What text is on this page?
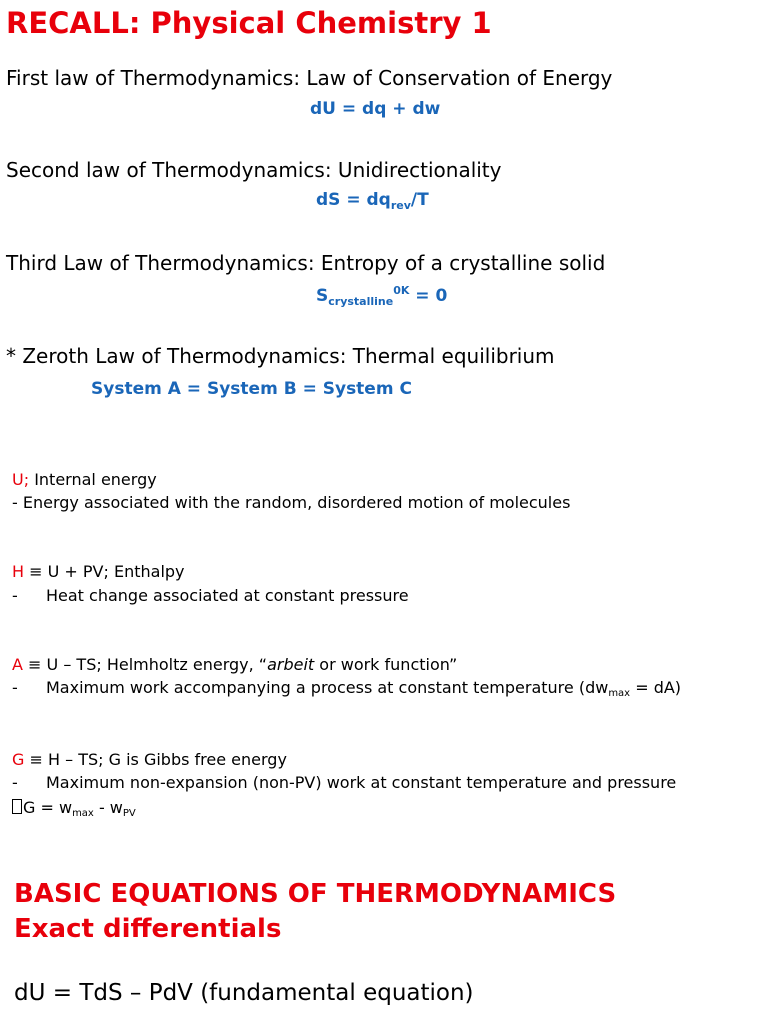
RECALL: Physical Chemistry 1
First law of Thermodynamics: Law of Conservation of Energy
dU = dq + dw
Second law of Thermodynamics: Unidirectionality
dS = $dq_{rev}/T$
Third Law of Thermodynamics: Entropy of a crystalline solid
$S_{crystalline}^{0K} = 0$
* Zeroth Law of Thermodynamics: Thermal equilibrium
System A = System B = System C
U; Internal energy
- Energy associated with the random, disordered motion of molecules
H ≡ U + PV; Enthalpy
- Heat change associated at constant pressure
A ≡ U – TS; Helmholtz energy, “arbeit or work function”
- Maximum work accompanying a process at constant temperature $(dw_{max} = dA)$
G ≡ H – TS; G is Gibbs free energy
- Maximum non-expansion (non-PV) work at constant temperature and pressure
$G = w_{max} - w_{PV}$
BASIC EQUATIONS OF THERMODYNAMICS
Exact differentials
dU = TdS – PdV (fundamental equation)
